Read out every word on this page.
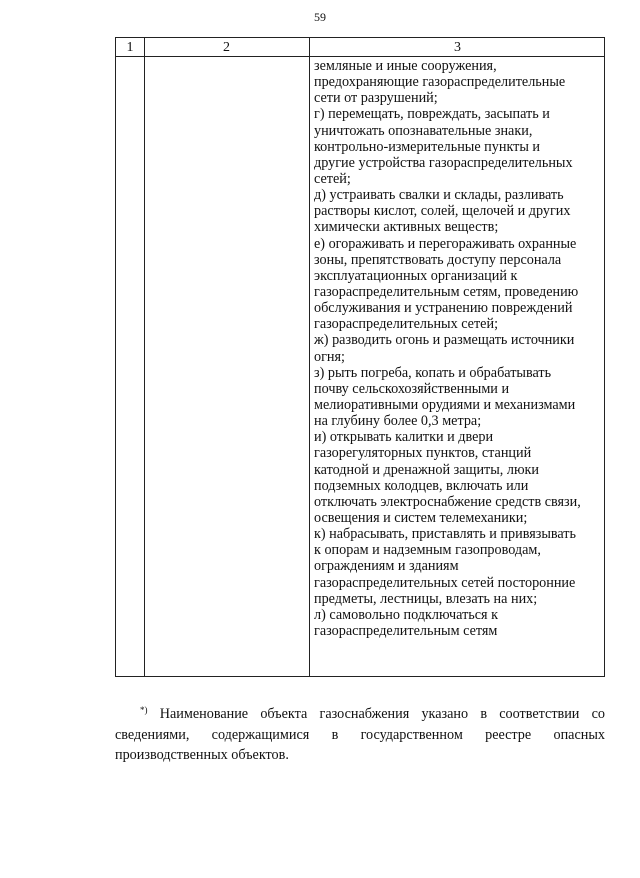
59
1	2	3
земляные и иные сооружения,
предохраняющие газораспределительные
сети от разрушений;
г) перемещать, повреждать, засыпать и
уничтожать опознавательные знаки,
контрольно-измерительные пункты и
другие устройства газораспределительных
сетей;
д) устраивать свалки и склады, разливать
растворы кислот, солей, щелочей и других
химически активных веществ;
е) огораживать и перегораживать охранные
зоны, препятствовать доступу персонала
эксплуатационных организаций к
газораспределительным сетям, проведению
обслуживания и устранению повреждений
газораспределительных сетей;
ж) разводить огонь и размещать источники
огня;
з) рыть погреба, копать и обрабатывать
почву сельскохозяйственными и
мелиоративными орудиями и механизмами
на глубину более 0,3 метра;
и) открывать калитки и двери
газорегуляторных пунктов, станций
катодной и дренажной защиты, люки
подземных колодцев, включать или
отключать электроснабжение средств связи,
освещения и систем телемеханики;
к) набрасывать, приставлять и привязывать
к опорам и надземным газопроводам,
ограждениям и зданиям
газораспределительных сетей посторонние
предметы, лестницы, влезать на них;
л) самовольно подключаться к
газораспределительным сетям
*) Наименование объекта газоснабжения указано в соответствии со
сведениями, содержащимися в государственном реестре опасных
производственных объектов.
